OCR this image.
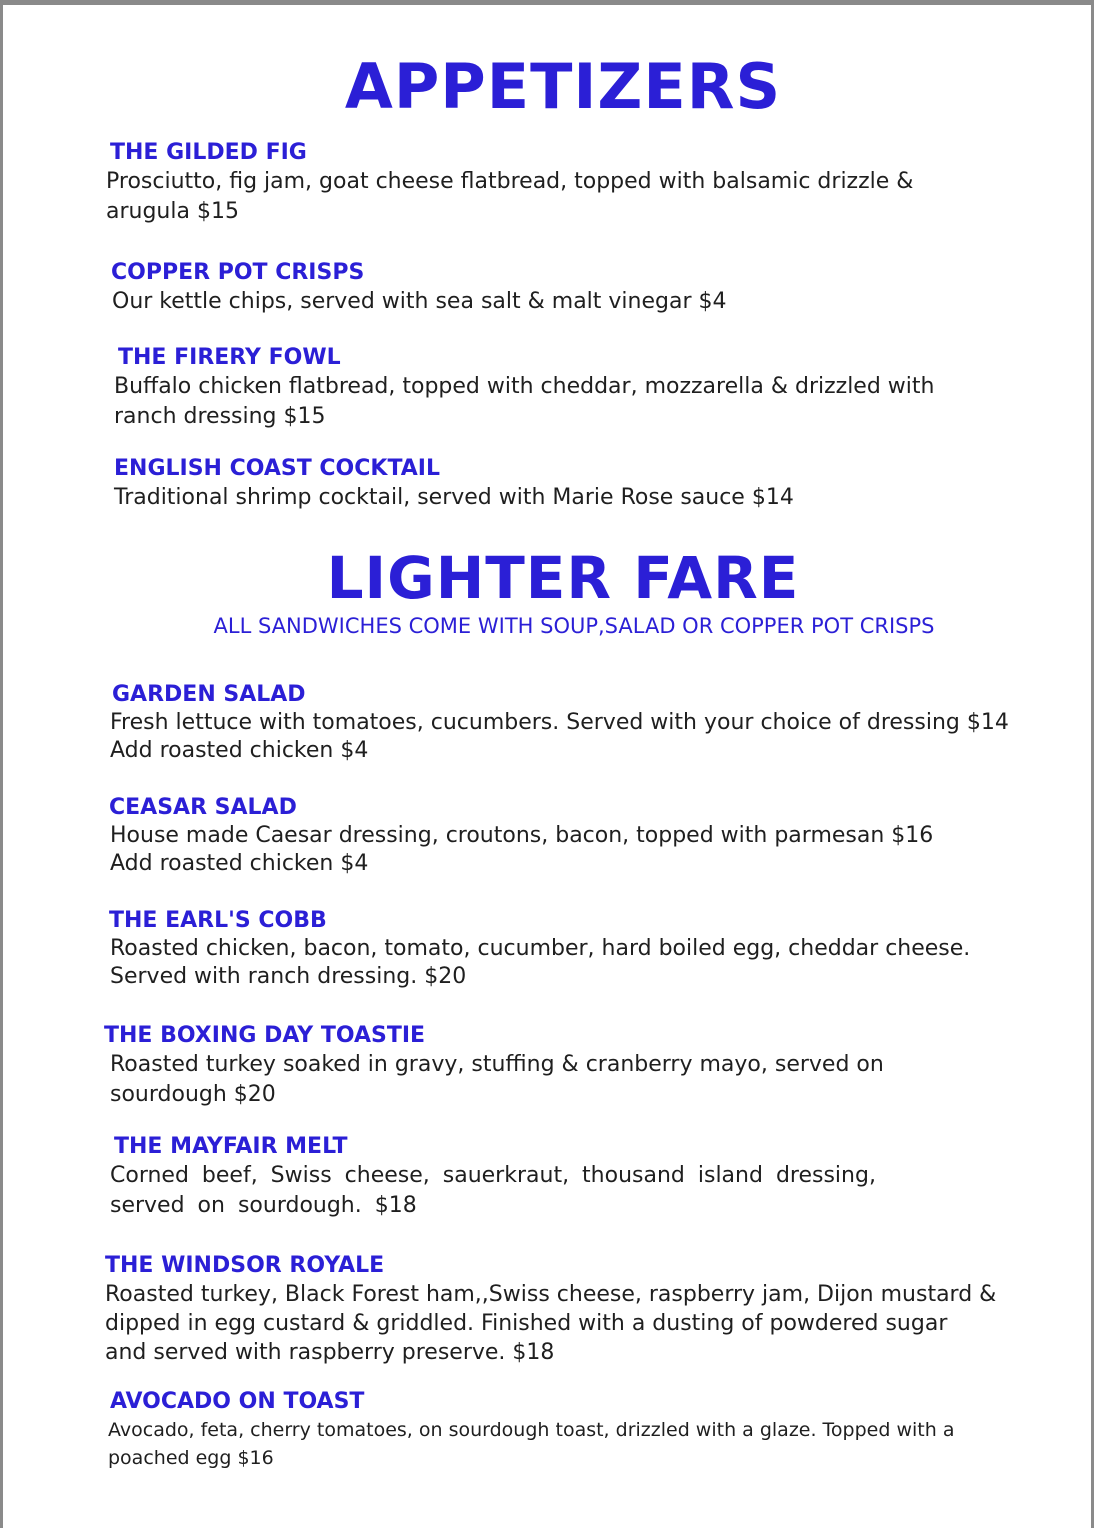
APPETIZERS
THE GILDED FIG
Prosciutto, fig jam, goat cheese flatbread, topped with balsamic drizzle &
arugula $15
COPPER POT CRISPS
Our kettle chips, served with sea salt & malt vinegar $4
THE FIRERY FOWL
Buffalo chicken flatbread, topped with cheddar, mozzarella & drizzled with
ranch dressing $15
ENGLISH COAST COCKTAIL
Traditional shrimp cocktail, served with Marie Rose sauce $14
LIGHTER FARE

ALL SANDWICHES COME WITH SOUP,SALAD OR COPPER POT CRISPS

GARDEN SALAD
Fresh lettuce with tomatoes, cucumbers. Served with your choice of dressing $14
Add roasted chicken $4
CEASAR SALAD
House made Caesar dressing, croutons, bacon, topped with parmesan $16
Add roasted chicken $4
THE EARL'S COBB
Roasted chicken, bacon, tomato, cucumber, hard boiled egg, cheddar cheese.
Served with ranch dressing. $20
THE BOXING DAY TOASTIE
Roasted turkey soaked in gravy, stuffing & cranberry mayo, served on
sourdough $20
THE MAYFAIR MELT
Corned beef, Swiss cheese, sauerkraut, thousand island dressing,
served on sourdough. $18
THE WINDSOR ROYALE
Roasted turkey, Black Forest ham,,Swiss cheese, raspberry jam, Dijon mustard &
dipped in egg custard & griddled. Finished with a dusting of powdered sugar
and served with raspberry preserve. $18
AVOCADO ON TOAST
Avocado, feta, cherry tomatoes, on sourdough toast, drizzled with a glaze. Topped with a
poached egg $16
